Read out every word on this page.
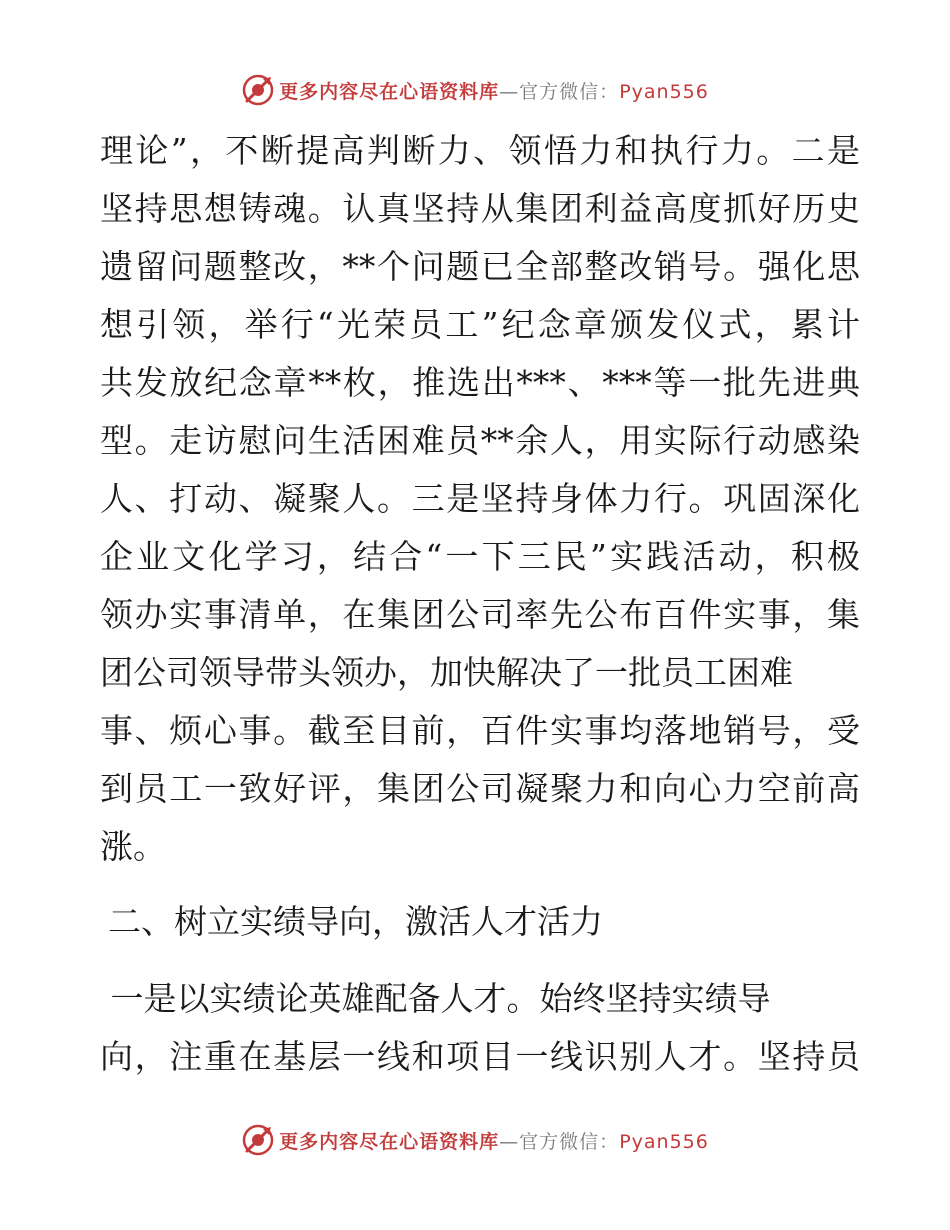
更多内容尽在心语资料库—官方微信：Pyan556
理论”，不断提高判断力、领悟力和执行力。二是
坚持思想铸魂。认真坚持从集团利益高度抓好历史
遗留问题整改，**个问题已全部整改销号。强化思
想引领，举行“光荣员工”纪念章颁发仪式，累计
共发放纪念章**枚，推选出***、***等一批先进典
型。走访慰问生活困难员**余人，用实际行动感染
人、打动、凝聚人。三是坚持身体力行。巩固深化
企业文化学习，结合“一下三民”实践活动，积极
领办实事清单，在集团公司率先公布百件实事，集
团公司领导带头领办，加快解决了一批员工困难
事、烦心事。截至目前，百件实事均落地销号，受
到员工一致好评，集团公司凝聚力和向心力空前高
涨。
二、树立实绩导向，激活人才活力
一是以实绩论英雄配备人才。始终坚持实绩导
向，注重在基层一线和项目一线识别人才。坚持员
更多内容尽在心语资料库—官方微信：Pyan556
